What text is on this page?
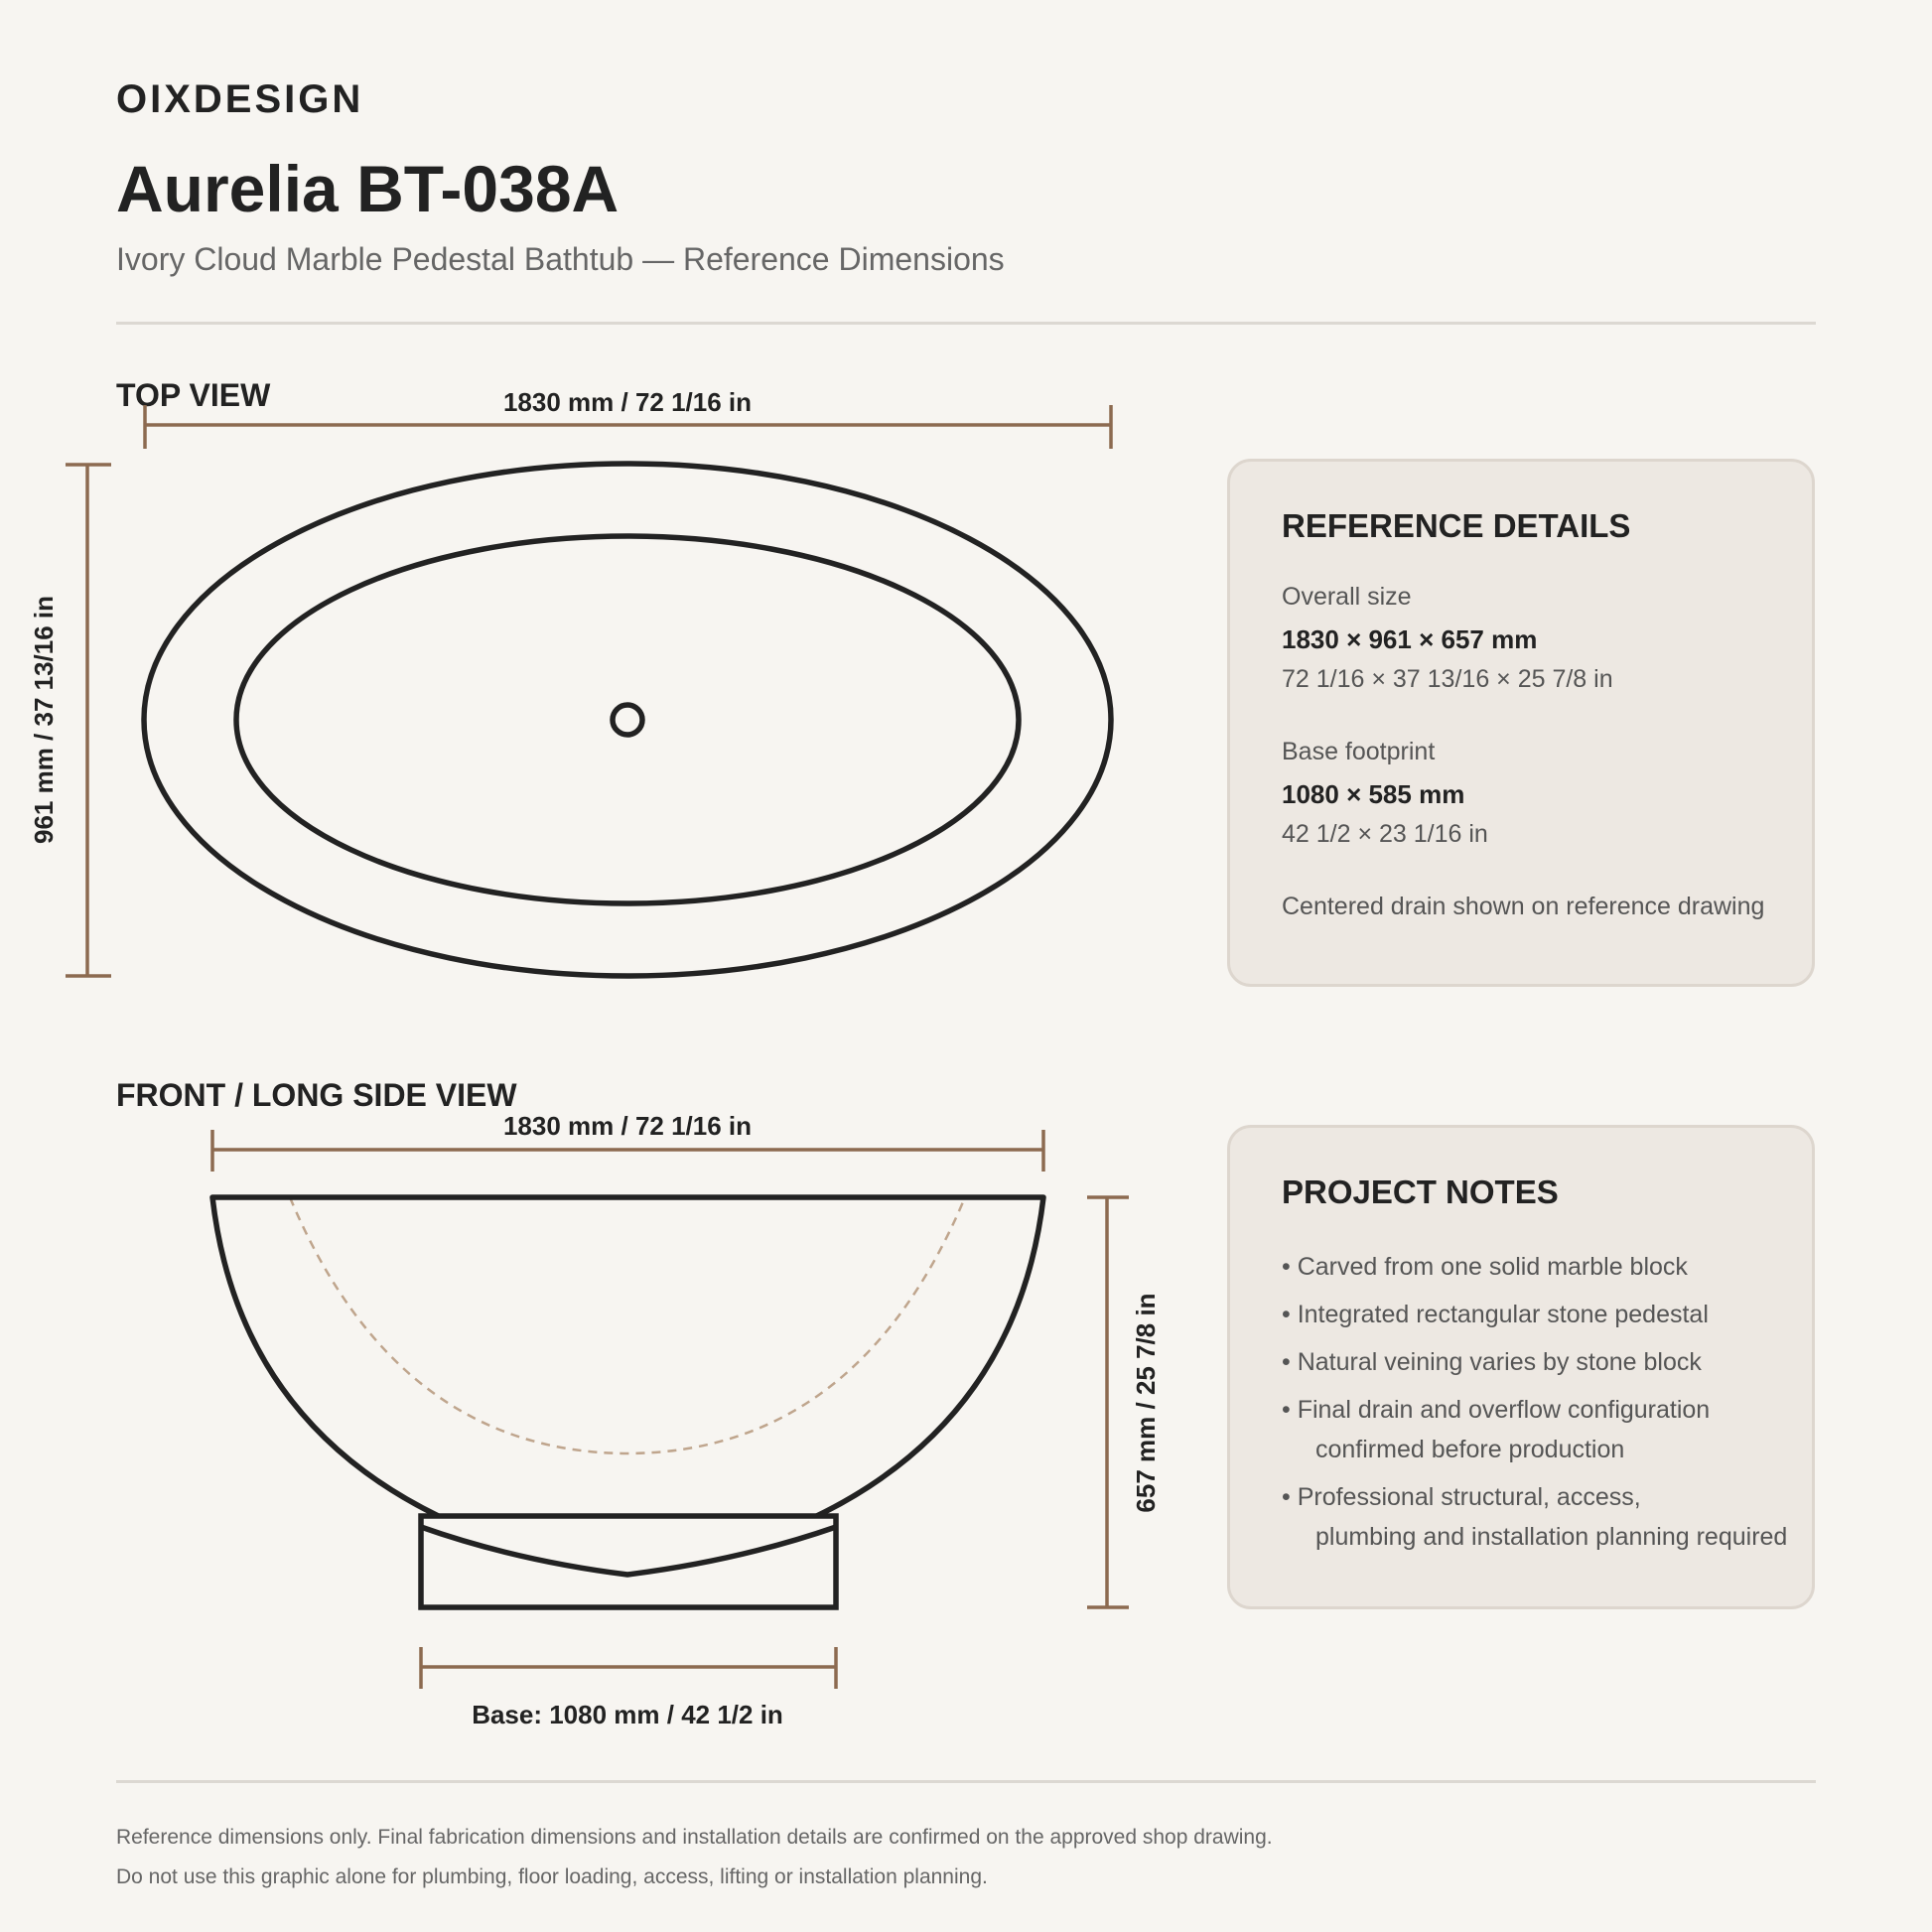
OIXDESIGN
Aurelia BT-038A
Ivory Cloud Marble Pedestal Bathtub — Reference Dimensions
TOP VIEW
FRONT / LONG SIDE VIEW
1830 mm / 72 1/16 in
961 mm / 37 13/16 in
1830 mm / 72 1/16 in
657 mm / 25 7/8 in
Base: 1080 mm / 42 1/2 in
REFERENCE DETAILS
Overall size
1830 × 961 × 657 mm
72 1/16 × 37 13/16 × 25 7/8 in
Base footprint
1080 × 585 mm
42 1/2 × 23 1/16 in
Centered drain shown on reference drawing
PROJECT NOTES
• Carved from one solid marble block
• Integrated rectangular stone pedestal
• Natural veining varies by stone block
• Final drain and overflow configuration
confirmed before production
• Professional structural, access,
plumbing and installation planning required
Reference dimensions only. Final fabrication dimensions and installation details are confirmed on the approved shop drawing.
Do not use this graphic alone for plumbing, floor loading, access, lifting or installation planning.
